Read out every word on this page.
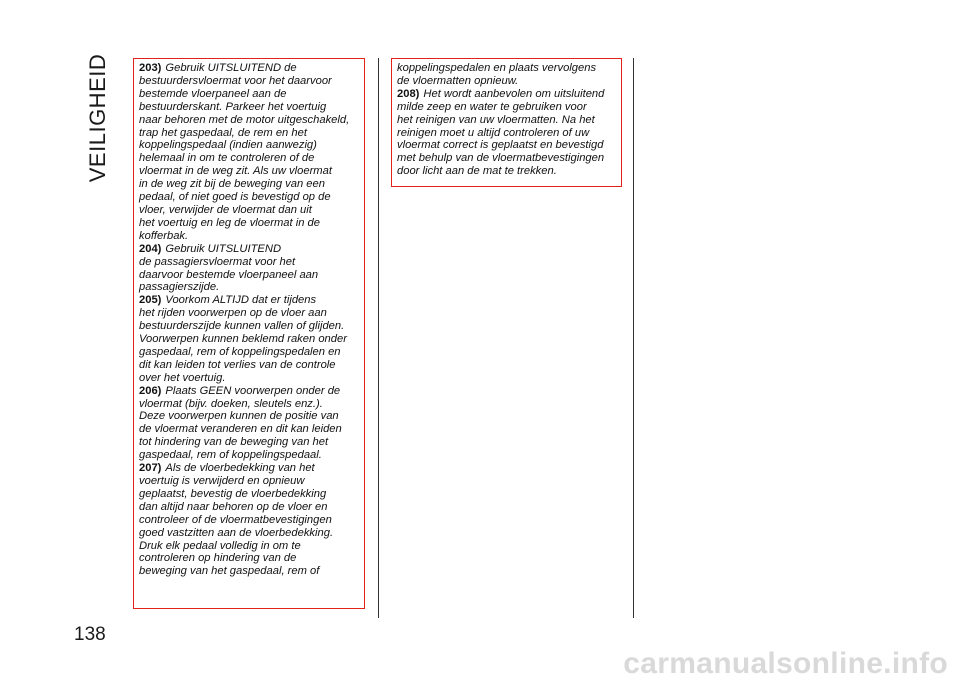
VEILIGHEID	203) Gebruik UITSLUITEND de
bestuurdersvloermat voor het daarvoor
bestemde vloerpaneel aan de
bestuurderskant. Parkeer het voertuig
naar behoren met de motor uitgeschakeld,
trap het gaspedaal, de rem en het
koppelingspedaal (indien aanwezig)
helemaal in om te controleren of de
vloermat in de weg zit. Als uw vloermat
in de weg zit bij de beweging van een
pedaal, of niet goed is bevestigd op de
vloer, verwijder de vloermat dan uit
het voertuig en leg de vloermat in de
kofferbak.

204) Gebruik UITSLUITEND
de passagiersvloermat voor het
daarvoor bestemde vloerpaneel aan
passagierszijde.

205) Voorkom ALTIJD dat er tijdens
het rijden voorwerpen op de vloer aan
bestuurderszijde kunnen vallen of glijden.
Voorwerpen kunnen beklemd raken onder
gaspedaal, rem of koppelingspedalen en
dit kan leiden tot verlies van de controle
over het voertuig.

206) Plaats GEEN voorwerpen onder de
vloermat (bijv. doeken, sleutels enz.).
Deze voorwerpen kunnen de positie van
de vloermat veranderen en dit kan leiden
tot hindering van de beweging van het
gaspedaal, rem of koppelingspedaal.

207) Als de vloerbedekking van het
voertuig is verwijderd en opnieuw
geplaatst, bevestig de vloerbedekking
dan altijd naar behoren op de vloer en
controleer of de vloermatbevestigingen
goed vastzitten aan de vloerbedekking.
Druk elk pedaal volledig in om te
controleren op hindering van de
beweging van het gaspedaal, rem of

koppelingspedalen en plaats vervolgens
de vloermatten opnieuw.

208) Het wordt aanbevolen om uitsluitend
milde zeep en water te gebruiken voor
het reinigen van uw vloermatten. Na het
reinigen moet u altijd controleren of uw
vloermat correct is geplaatst en bevestigd
met behulp van de vloermatbevestigingen
door licht aan de mat te trekken.

138
carmanualsonline.info
